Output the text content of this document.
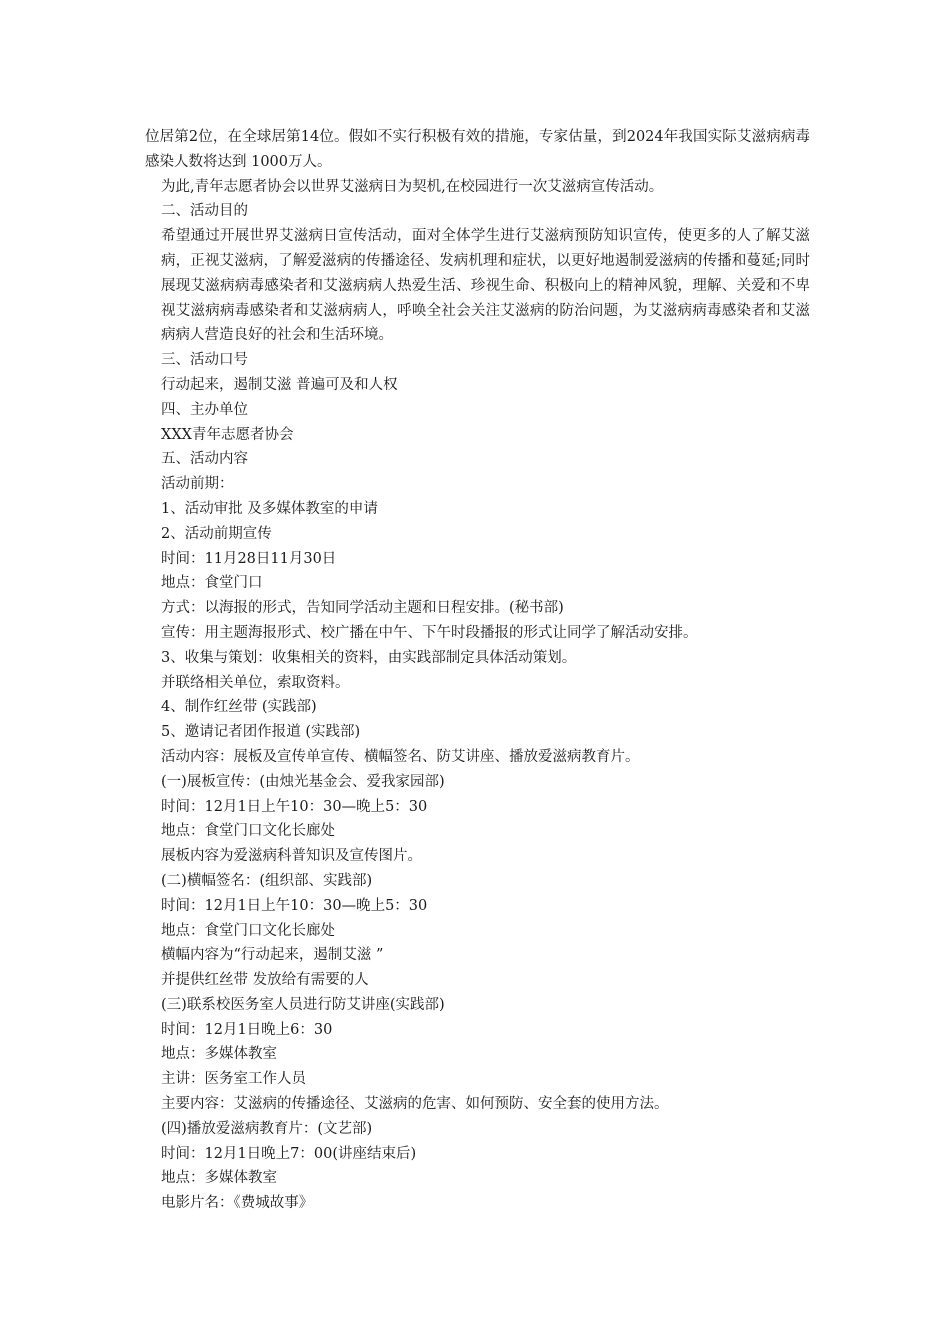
位居第2位，在全球居第14位。假如不实行积极有效的措施，专家估量，到2024年我国实际艾滋病病毒感染人数将达到 1000万人。

为此,青年志愿者协会以世界艾滋病日为契机,在校园进行一次艾滋病宣传活动。

二、活动目的

希望通过开展世界艾滋病日宣传活动，面对全体学生进行艾滋病预防知识宣传，使更多的人了解艾滋病，正视艾滋病，了解爱滋病的传播途径、发病机理和症状，以更好地遏制爱滋病的传播和蔓延;同时展现艾滋病病毒感染者和艾滋病病人热爱生活、珍视生命、积极向上的精神风貌，理解、关爱和不卑视艾滋病病毒感染者和艾滋病病人，呼唤全社会关注艾滋病的防治问题，为艾滋病病毒感染者和艾滋病病人营造良好的社会和生活环境。

三、活动口号

行动起来，遏制艾滋 普遍可及和人权

四、主办单位

XXX青年志愿者协会

五、活动内容

活动前期：

1、活动审批 及多媒体教室的申请

2、活动前期宣传

时间：11月28日11月30日

地点：食堂门口

方式：以海报的形式，告知同学活动主题和日程安排。(秘书部)

宣传：用主题海报形式、校广播在中午、下午时段播报的形式让同学了解活动安排。

3、收集与策划：收集相关的资料，由实践部制定具体活动策划。

并联络相关单位，索取资料。

4、制作红丝带 (实践部)

5、邀请记者团作报道 (实践部)

活动内容：展板及宣传单宣传、横幅签名、防艾讲座、播放爱滋病教育片。

(一)展板宣传：(由烛光基金会、爱我家园部)

时间：12月1日上午10：30—晚上5：30

地点：食堂门口文化长廊处

展板内容为爱滋病科普知识及宣传图片。

(二)横幅签名：(组织部、实践部)

时间：12月1日上午10：30—晚上5：30

地点：食堂门口文化长廊处

横幅内容为“行动起来，遏制艾滋 ”

并提供红丝带 发放给有需要的人

(三)联系校医务室人员进行防艾讲座(实践部)

时间：12月1日晚上6：30

地点：多媒体教室

主讲：医务室工作人员

主要内容：艾滋病的传播途径、艾滋病的危害、如何预防、安全套的使用方法。

(四)播放爱滋病教育片：(文艺部)

时间：12月1日晚上7：00(讲座结束后)

地点：多媒体教室

电影片名：《费城故事》
